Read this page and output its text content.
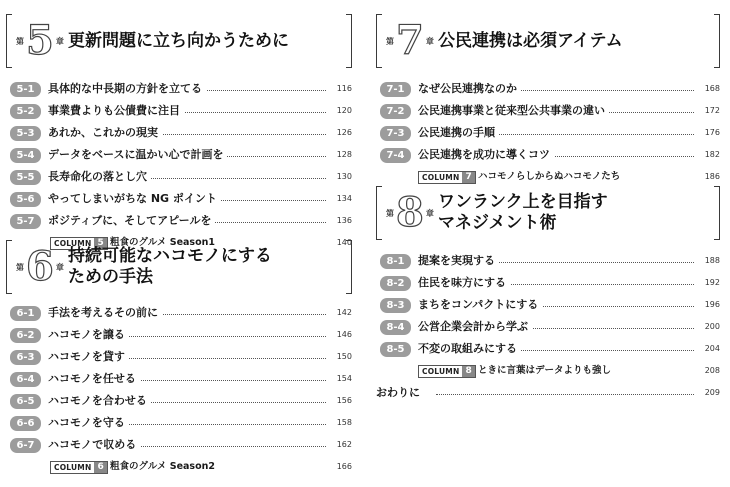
第 5 章 更新問題に立ち向かうために
5-1	具体的な中長期の方針を立てる	116
5-2	事業費よりも公債費に注目	120
5-3	あれか、これかの現実	126
5-4	データをベースに温かい心で計画を	128
5-5	長寿命化の落とし穴	130
5-6	やってしまいがちな NG ポイント	134
5-7	ポジティブに、そしてアピールを	136
COLUMN 5 粗食のグルメ Season1	140
第 6 章
持続可能なハコモノにする
ための手法
6-1	手法を考えるその前に	142
6-2	ハコモノを譲る	146
6-3	ハコモノを貸す	150
6-4	ハコモノを任せる	154
6-5	ハコモノを合わせる	156
6-6	ハコモノを守る	158
6-7	ハコモノで収める	162
COLUMN 6 粗食のグルメ Season2	166
第 7 章 公民連携は必須アイテム
7-1	なぜ公民連携なのか	168
7-2	公民連携事業と従来型公共事業の違い	172
7-3	公民連携の手順	176
7-4	公民連携を成功に導くコツ	182
COLUMN 7 ハコモノらしからぬハコモノたち	186
第 8 章
ワンランク上を目指す
マネジメント術
8-1	提案を実現する	188
8-2	住民を味方にする	192
8-3	まちをコンパクトにする	196
8-4	公営企業会計から学ぶ	200
8-5	不変の取組みにする	204
COLUMN 8 ときに言葉はデータよりも強し	208
おわりに	209
